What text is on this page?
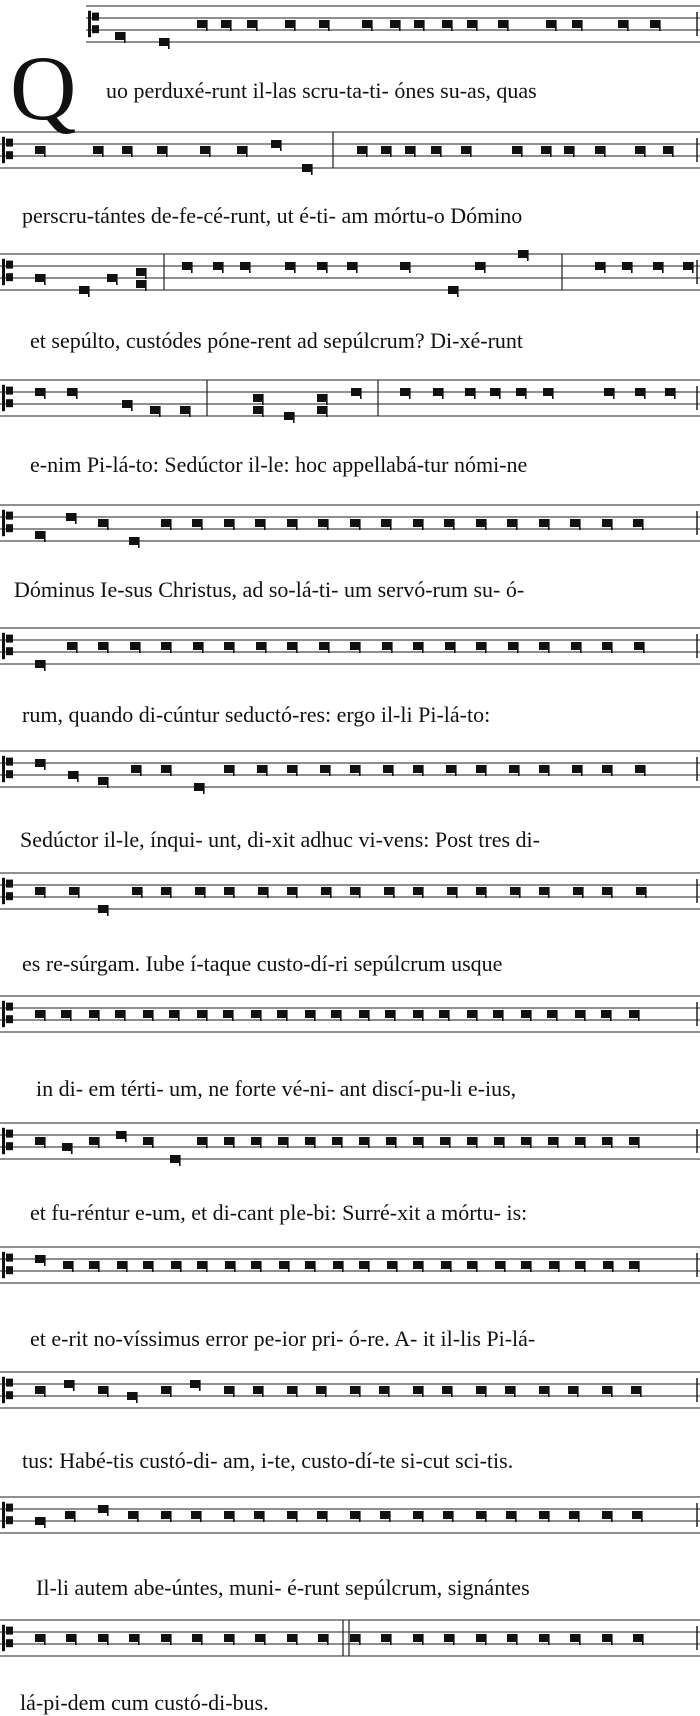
Q uo perduxé-runt il-las scru-ta-ti- ónes su-as, quas
perscru-tántes de-fe-cé-runt, ut é-ti- am mórtu-o Dómino
et sepúlto, custódes póne-rent ad sepúlcrum? Di-xé-runt
e-nim Pi-lá-to: Sedúctor il-le: hoc appellabá-tur nómi-ne
Dóminus Ie-sus Christus, ad so-lá-ti- um servó-rum su- ó-
rum, quando di-cúntur seductó-res: ergo il-li Pi-lá-to:
Sedúctor il-le, ínqui- unt, di-xit adhuc vi-vens: Post tres di-
es re-súrgam. Iube í-taque custo-dí-ri sepúlcrum usque
in di- em térti- um, ne forte vé-ni- ant discí-pu-li e-ius,
et fu-réntur e-um, et di-cant ple-bi: Surré-xit a mórtu- is:
et e-rit no-víssimus error pe-ior pri- ó-re. A- it il-lis Pi-lá-
tus: Habé-tis custó-di- am, i-te, custo-dí-te si-cut sci-tis.
Il-li autem abe-úntes, muni- é-runt sepúlcrum, signántes
lá-pi-dem cum custó-di-bus.
